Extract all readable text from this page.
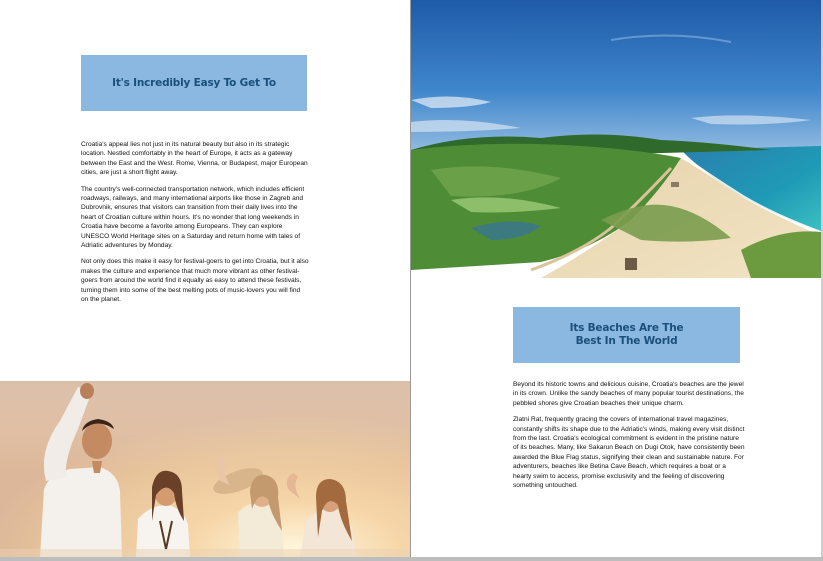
It's Incredibly Easy To Get To

Croatia's appeal lies not just in its natural beauty but also in its strategic location. Nestled comfortably in the heart of Europe, it acts as a gateway between the East and the West. Rome, Vienna, or Budapest, major European cities, are just a short flight away.

The country's well-connected transportation network, which includes efficient roadways, railways, and many international airports like those in Zagreb and Dubrovnik, ensures that visitors can transition from their daily lives into the heart of Croatian culture within hours. It's no wonder that long weekends in Croatia have become a favorite among Europeans. They can explore UNESCO World Heritage sites on a Saturday and return home with tales of Adriatic adventures by Monday.

Not only does this make it easy for festival-goers to get into Croatia, but it also makes the culture and experience that much more vibrant as other festival-goers from around the world find it equally as easy to attend these festivals, turning them into some of the best melting pots of music-lovers you will find on the planet.

Its Beaches Are The
Best In The World

Beyond its historic towns and delicious cuisine, Croatia's beaches are the jewel in its crown. Unlike the sandy beaches of many popular tourist destinations, the pebbled shores give Croatian beaches their unique charm.

Zlatni Rat, frequently gracing the covers of international travel magazines, constantly shifts its shape due to the Adriatic's winds, making every visit distinct from the last. Croatia's ecological commitment is evident in the pristine nature of its beaches. Many, like Sakarun Beach on Dugi Otok, have consistently been awarded the Blue Flag status, signifying their clean and sustainable nature. For adventurers, beaches like Betina Cave Beach, which requires a boat or a hearty swim to access, promise exclusivity and the feeling of discovering something untouched.
